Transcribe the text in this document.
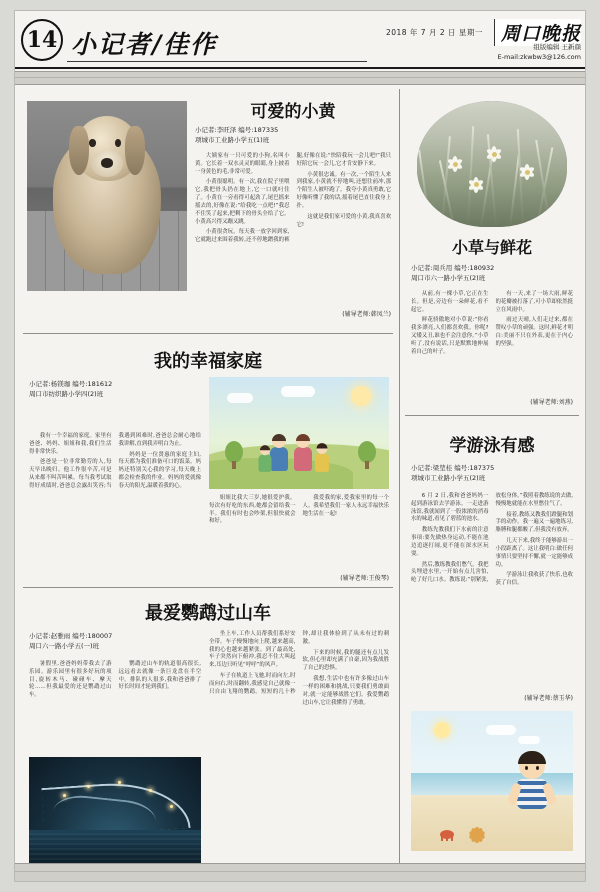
14 小记者/佳作	2018 年 7 月 2 日 星期一 周口晚报
组版编辑 王新颜
E-mail:zkwbw3@126.com
可爱的小黄
小记者:李旺泽 编号:187335
项城市工业路小学五(1)班

大姨家有一只可爱的小狗,名叫小黄。它长着一双水灵灵的眼睛,身上披着一身黄色的毛,非常可爱。

小黄很聪明。有一次,我在院子里喂它,我把骨头扔在地上,它一口就叼住了。小黄在一旁看得可起劲了,尾巴摇来摇去的,好像在说:“给我吃一点吧!”我忍不住笑了起来,把剩下的骨头全给了它。小黄高兴得又蹦又跳。

小黄很贪玩。每天我一放学回到家,它就跑过来围着我转,还不停地蹭我的裤腿,好像在说:“快陪我玩一会儿吧!”我只好陪它玩一会儿,它才肯安静下来。

小黄很忠诚。有一次,一个陌生人来到我家,小黄就不停地叫,还想往前冲,那个陌生人被吓跑了。我夸小黄真勇敢,它好像听懂了我的话,摇着尾巴直往我身上扑。

这就是我们家可爱的小黄,我真喜欢它!

(辅导老师:韩凤兰)
我的幸福家庭
小记者:杨镁珈 编号:181612
周口市纺织路小学四(2)班

我有一个幸福的家庭。家里有爸爸、妈妈、姐姐和我,我们生活得非常快乐。

爸爸是一位非常勤劳的人,每天早出晚归。他工作很辛苦,可是从来都不叫苦叫累。每当我考试取得好成绩时,爸爸总会露出笑容;当我遇到困难时,爸爸总会耐心地给我讲解,直到我弄明白为止。

妈妈是一位贤惠的家庭主妇,每天都为我们准备可口的饭菜。妈妈还特别关心我的学习,每天晚上都会检查我的作业。妈妈的爱就像春天的阳光,温暖着我的心。

姐姐比我大三岁,她很爱护我。每次有好吃的东西,她都会留给我一半。我们有时也会吵架,但很快就会和好。

我爱我的家,爱我家里的每一个人。我希望我们一家人永远幸福快乐地生活在一起!

(辅导老师:王俊琴)
最爱鹦鹉过山车
小记者:赵雅雨 编号:180007
周口六一路小学五(一)班

暑假里,爸爸妈妈带我去了游乐园。游乐园里有很多好玩的项目,旋转木马、碰碰车、摩天轮……但我最爱的还是鹦鹉过山车。

鹦鹉过山车的轨道很高很长,远远看去就像一条巨龙盘在半空中。排队的人很多,我和爸爸排了好长时间才轮到我们。

坐上车,工作人员帮我们系好安全带。车子慢慢地向上爬,越来越高,我的心也越来越紧张。到了最高处,车子突然向下俯冲,我忍不住大叫起来,耳边只听见“呼呼”的风声。

车子在轨道上飞驰,时而向左,时而向右,时而翻转,我感觉自己就像一只自由飞翔的鹦鹉。短短的几十秒钟,却让我体验到了从未有过的刺激。

下来的时候,我的腿还有点儿发软,但心里却充满了自豪,因为我战胜了自己的恐惧。

我想,生活中也有许多像过山车一样的困难和挑战,只要我们勇敢面对,就一定能够战胜它们。我爱鹦鹉过山车,它让我懂得了勇敢。

小草与鲜花
小记者:周兵用 编号:180932
周口市六一路小学五(2)班

从前,有一棵小草,它正在生长。但是,旁边有一朵鲜花,看不起它。

鲜花骄傲地对小草说:“你看我多漂亮,人们都喜欢我。你呢?又矮又丑,谁也不会注意你。”小草听了,没有说话,只是默默地伸展着自己的叶子。

有一天,来了一场大雨,鲜花的花瓣被打落了,可小草却依然挺立在风雨中。

雨过天晴,人们走过来,都在赞叹小草的顽强。这时,鲜花才明白:美丽不只在外表,更在于内心的坚强。

(辅导老师:刘燕)
学游泳有感
小记者:梁堃桂 编号:187375
项城市工业路小学五(2)班

6 月 2 日,我和爸爸妈妈一起到游泳馆去学游泳。一走进游泳馆,我就闻到了一股浓浓的消毒水的味道,看见了碧蓝的池水。

教练先教我们下水前的注意事项:要先做热身运动,不能在池边追逐打闹,更不能在深水区玩耍。

然后,教练教我们憋气。我把头埋进水里,一开始有点儿害怕,呛了好几口水。教练说:“别紧张,放松身体。”我照着教练说的去做,慢慢地就能在水里憋住气了。

接着,教练又教我们蹬腿和划手的动作。我一遍又一遍地练习,胳膊和腿都酸了,但我没有放弃。

几天下来,我终于能够游出一小段距离了。这让我明白:做任何事情只要坚持不懈,就一定能够成功。

学游泳让我收获了快乐,也收获了自信。

(辅导老师:蔡玉华)
